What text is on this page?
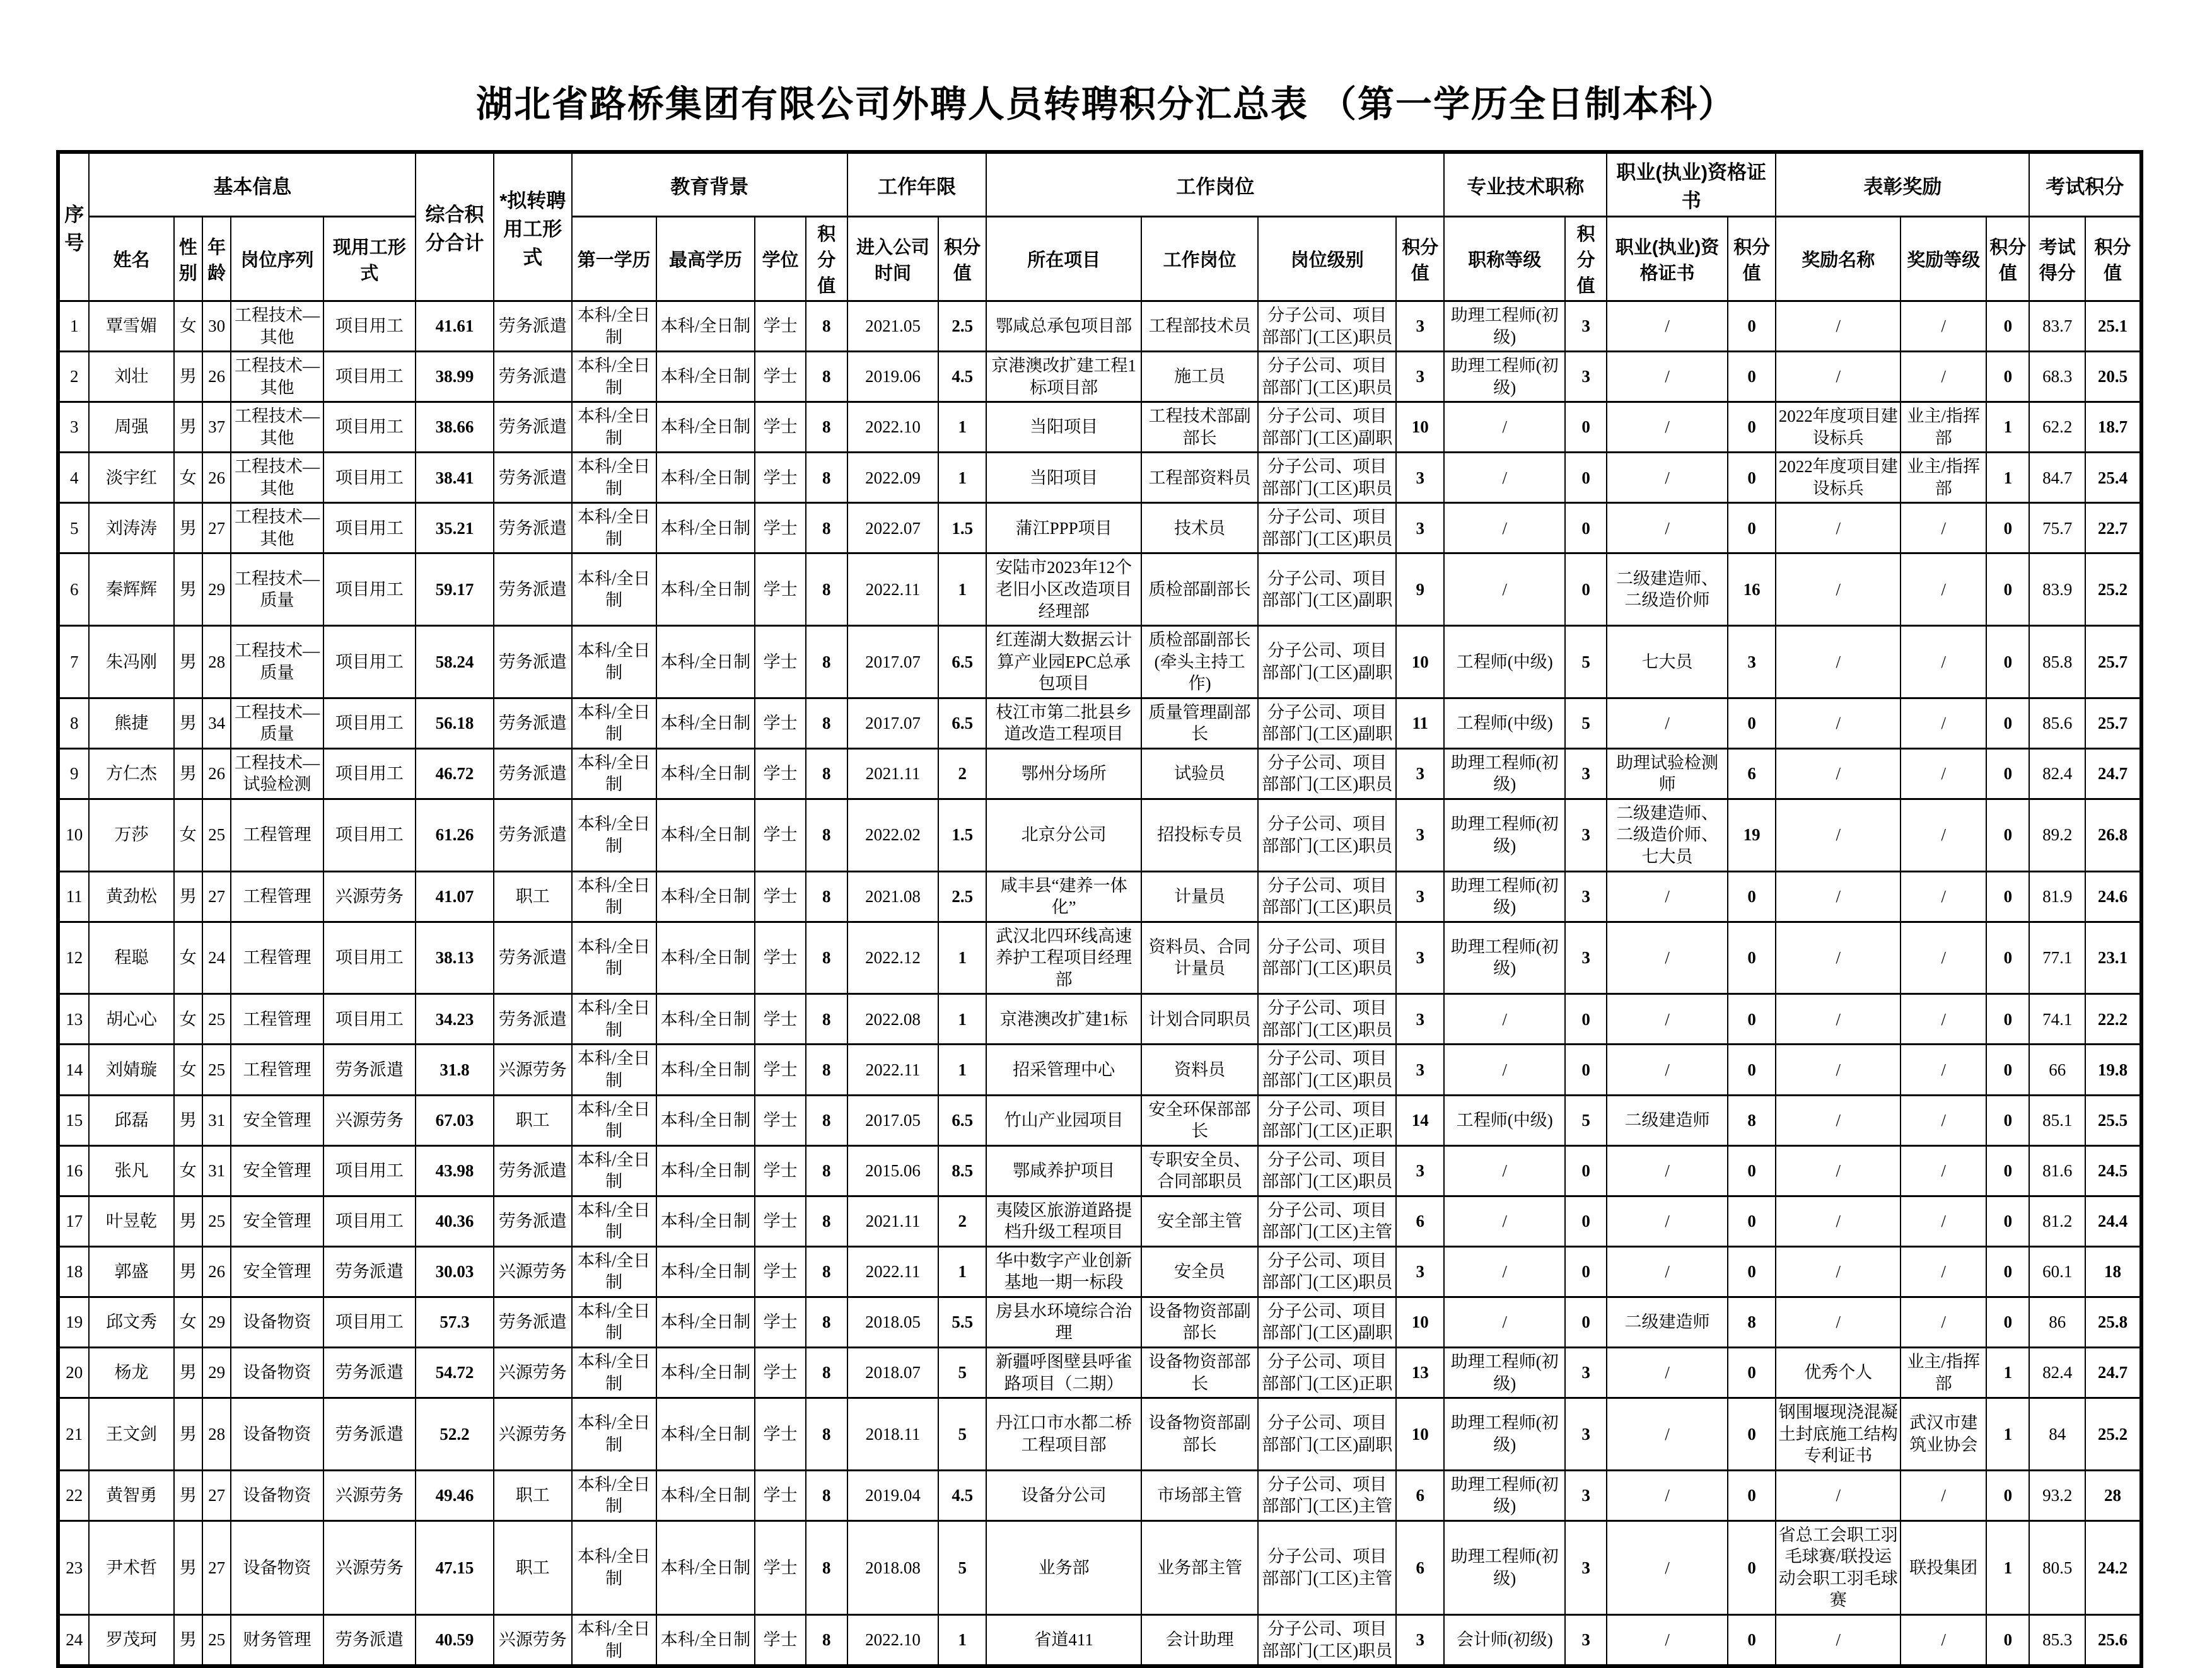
湖北省路桥集团有限公司外聘人员转聘积分汇总表 （第一学历全日制本科）
序号	基本信息					综合积分合计	*拟转聘用工形式	教育背景				工作年限		工作岗位				专业技术职称		职业(执业)资格证书		表彰奖励			考试积分	
	姓名	性别	年龄	岗位序列	现用工形式			第一学历	最高学历	学位	积分值	进入公司时间	积分值	所在项目	工作岗位	岗位级别	积分值	职称等级	积分值	职业(执业)资格证书	积分值	奖励名称	奖励等级	积分值	考试得分	积分值
1	覃雪媚	女	30	工程技术—其他	项目用工	41.61	劳务派遣	本科/全日制	本科/全日制	学士	8	2021.05	2.5	鄂咸总承包项目部	工程部技术员	分子公司、项目部部门(工区)职员	3	助理工程师(初级)	3	/	0	/	/	0	83.7	25.1
2	刘壮	男	26	工程技术—其他	项目用工	38.99	劳务派遣	本科/全日制	本科/全日制	学士	8	2019.06	4.5	京港澳改扩建工程1标项目部	施工员	分子公司、项目部部门(工区)职员	3	助理工程师(初级)	3	/	0	/	/	0	68.3	20.5
3	周强	男	37	工程技术—其他	项目用工	38.66	劳务派遣	本科/全日制	本科/全日制	学士	8	2022.10	1	当阳项目	工程技术部副部长	分子公司、项目部部门(工区)副职	10	/	0	/	0	2022年度项目建设标兵	业主/指挥部	1	62.2	18.7
4	淡宇红	女	26	工程技术—其他	项目用工	38.41	劳务派遣	本科/全日制	本科/全日制	学士	8	2022.09	1	当阳项目	工程部资料员	分子公司、项目部部门(工区)职员	3	/	0	/	0	2022年度项目建设标兵	业主/指挥部	1	84.7	25.4
5	刘涛涛	男	27	工程技术—其他	项目用工	35.21	劳务派遣	本科/全日制	本科/全日制	学士	8	2022.07	1.5	蒲江PPP项目	技术员	分子公司、项目部部门(工区)职员	3	/	0	/	0	/	/	0	75.7	22.7
6	秦辉辉	男	29	工程技术—质量	项目用工	59.17	劳务派遣	本科/全日制	本科/全日制	学士	8	2022.11	1	安陆市2023年12个老旧小区改造项目经理部	质检部副部长	分子公司、项目部部门(工区)副职	9	/	0	二级建造师、二级造价师	16	/	/	0	83.9	25.2
7	朱冯刚	男	28	工程技术—质量	项目用工	58.24	劳务派遣	本科/全日制	本科/全日制	学士	8	2017.07	6.5	红莲湖大数据云计算产业园EPC总承包项目	质检部副部长(牵头主持工作)	分子公司、项目部部门(工区)副职	10	工程师(中级)	5	七大员	3	/	/	0	85.8	25.7
8	熊捷	男	34	工程技术—质量	项目用工	56.18	劳务派遣	本科/全日制	本科/全日制	学士	8	2017.07	6.5	枝江市第二批县乡道改造工程项目	质量管理副部长	分子公司、项目部部门(工区)副职	11	工程师(中级)	5	/	0	/	/	0	85.6	25.7
9	方仁杰	男	26	工程技术—试验检测	项目用工	46.72	劳务派遣	本科/全日制	本科/全日制	学士	8	2021.11	2	鄂州分场所	试验员	分子公司、项目部部门(工区)职员	3	助理工程师(初级)	3	助理试验检测师	6	/	/	0	82.4	24.7
10	万莎	女	25	工程管理	项目用工	61.26	劳务派遣	本科/全日制	本科/全日制	学士	8	2022.02	1.5	北京分公司	招投标专员	分子公司、项目部部门(工区)职员	3	助理工程师(初级)	3	二级建造师、二级造价师、七大员	19	/	/	0	89.2	26.8
11	黄劲松	男	27	工程管理	兴源劳务	41.07	职工	本科/全日制	本科/全日制	学士	8	2021.08	2.5	咸丰县“建养一体化”	计量员	分子公司、项目部部门(工区)职员	3	助理工程师(初级)	3	/	0	/	/	0	81.9	24.6
12	程聪	女	24	工程管理	项目用工	38.13	劳务派遣	本科/全日制	本科/全日制	学士	8	2022.12	1	武汉北四环线高速养护工程项目经理部	资料员、合同计量员	分子公司、项目部部门(工区)职员	3	助理工程师(初级)	3	/	0	/	/	0	77.1	23.1
13	胡心心	女	25	工程管理	项目用工	34.23	劳务派遣	本科/全日制	本科/全日制	学士	8	2022.08	1	京港澳改扩建1标	计划合同职员	分子公司、项目部部门(工区)职员	3	/	0	/	0	/	/	0	74.1	22.2
14	刘婧璇	女	25	工程管理	劳务派遣	31.8	兴源劳务	本科/全日制	本科/全日制	学士	8	2022.11	1	招采管理中心	资料员	分子公司、项目部部门(工区)职员	3	/	0	/	0	/	/	0	66	19.8
15	邱磊	男	31	安全管理	兴源劳务	67.03	职工	本科/全日制	本科/全日制	学士	8	2017.05	6.5	竹山产业园项目	安全环保部部长	分子公司、项目部部门(工区)正职	14	工程师(中级)	5	二级建造师	8	/	/	0	85.1	25.5
16	张凡	女	31	安全管理	项目用工	43.98	劳务派遣	本科/全日制	本科/全日制	学士	8	2015.06	8.5	鄂咸养护项目	专职安全员、合同部职员	分子公司、项目部部门(工区)职员	3	/	0	/	0	/	/	0	81.6	24.5
17	叶昱乾	男	25	安全管理	项目用工	40.36	劳务派遣	本科/全日制	本科/全日制	学士	8	2021.11	2	夷陵区旅游道路提档升级工程项目	安全部主管	分子公司、项目部部门(工区)主管	6	/	0	/	0	/	/	0	81.2	24.4
18	郭盛	男	26	安全管理	劳务派遣	30.03	兴源劳务	本科/全日制	本科/全日制	学士	8	2022.11	1	华中数字产业创新基地一期一标段	安全员	分子公司、项目部部门(工区)职员	3	/	0	/	0	/	/	0	60.1	18
19	邱文秀	女	29	设备物资	项目用工	57.3	劳务派遣	本科/全日制	本科/全日制	学士	8	2018.05	5.5	房县水环境综合治理	设备物资部副部长	分子公司、项目部部门(工区)副职	10	/	0	二级建造师	8	/	/	0	86	25.8
20	杨龙	男	29	设备物资	劳务派遣	54.72	兴源劳务	本科/全日制	本科/全日制	学士	8	2018.07	5	新疆呼图壁县呼雀路项目（二期）	设备物资部部长	分子公司、项目部部门(工区)正职	13	助理工程师(初级)	3	/	0	优秀个人	业主/指挥部	1	82.4	24.7
21	王文剑	男	28	设备物资	劳务派遣	52.2	兴源劳务	本科/全日制	本科/全日制	学士	8	2018.11	5	丹江口市水都二桥工程项目部	设备物资部副部长	分子公司、项目部部门(工区)副职	10	助理工程师(初级)	3	/	0	钢围堰现浇混凝土封底施工结构专利证书	武汉市建筑业协会	1	84	25.2
22	黄智勇	男	27	设备物资	兴源劳务	49.46	职工	本科/全日制	本科/全日制	学士	8	2019.04	4.5	设备分公司	市场部主管	分子公司、项目部部门(工区)主管	6	助理工程师(初级)	3	/	0	/	/	0	93.2	28
23	尹术哲	男	27	设备物资	兴源劳务	47.15	职工	本科/全日制	本科/全日制	学士	8	2018.08	5	业务部	业务部主管	分子公司、项目部部门(工区)主管	6	助理工程师(初级)	3	/	0	省总工会职工羽毛球赛/联投运动会职工羽毛球赛	联投集团	1	80.5	24.2
24	罗茂珂	男	25	财务管理	劳务派遣	40.59	兴源劳务	本科/全日制	本科/全日制	学士	8	2022.10	1	省道411	会计助理	分子公司、项目部部门(工区)职员	3	会计师(初级)	3	/	0	/	/	0	85.3	25.6
